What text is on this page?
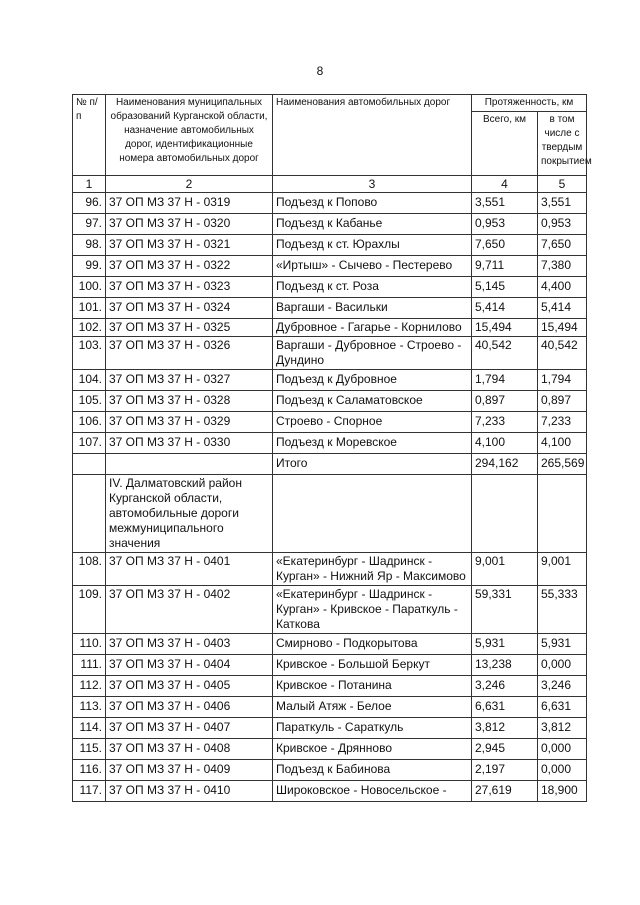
8
№ п/п	Наименования муниципальных образований Курганской области, назначение автомобильных дорог, идентификационные номера автомобильных дорог	Наименования автомобильных дорог	Протяженность, км	
			Всего, км	в том числе с твердым покрытием
1	2	3	4	5
96.	37 ОП МЗ 37 Н - 0319	Подъезд к Попово	3,551	3,551
97.	37 ОП МЗ 37 Н - 0320	Подъезд к Кабанье	0,953	0,953
98.	37 ОП МЗ 37 Н - 0321	Подъезд к ст. Юрахлы	7,650	7,650
99.	37 ОП МЗ 37 Н - 0322	«Иртыш» - Сычево - Пестерево	9,711	7,380
100.	37 ОП МЗ 37 Н - 0323	Подъезд к ст. Роза	5,145	4,400
101.	37 ОП МЗ 37 Н - 0324	Варгаши - Васильки	5,414	5,414
102.	37 ОП МЗ 37 Н - 0325	Дубровное - Гагарье - Корнилово	15,494	15,494
103.	37 ОП МЗ 37 Н - 0326	Варгаши - Дубровное - Строево - Дундино	40,542	40,542
104.	37 ОП МЗ 37 Н - 0327	Подъезд к Дубровное	1,794	1,794
105.	37 ОП МЗ 37 Н - 0328	Подъезд к Саламатовское	0,897	0,897
106.	37 ОП МЗ 37 Н - 0329	Строево - Спорное	7,233	7,233
107.	37 ОП МЗ 37 Н - 0330	Подъезд к Моревское	4,100	4,100
		Итого	294,162	265,569
	IV. Далматовский район Курганской области, автомобильные дороги межмуниципального значения			
108.	37 ОП МЗ 37 Н - 0401	«Екатеринбург - Шадринск - Курган» - Нижний Яр - Максимово	9,001	9,001
109.	37 ОП МЗ 37 Н - 0402	«Екатеринбург - Шадринск - Курган» - Кривское - Параткуль - Каткова	59,331	55,333
110.	37 ОП МЗ 37 Н - 0403	Смирново - Подкорытова	5,931	5,931
111.	37 ОП МЗ 37 Н - 0404	Кривское - Большой Беркут	13,238	0,000
112.	37 ОП МЗ 37 Н - 0405	Кривское - Потанина	3,246	3,246
113.	37 ОП МЗ 37 Н - 0406	Малый Атяж - Белое	6,631	6,631
114.	37 ОП МЗ 37 Н - 0407	Параткуль - Сараткуль	3,812	3,812
115.	37 ОП МЗ 37 Н - 0408	Кривское - Дрянново	2,945	0,000
116.	37 ОП МЗ 37 Н - 0409	Подъезд к Бабинова	2,197	0,000
117.	37 ОП МЗ 37 Н - 0410	Широковское - Новосельское -	27,619	18,900
